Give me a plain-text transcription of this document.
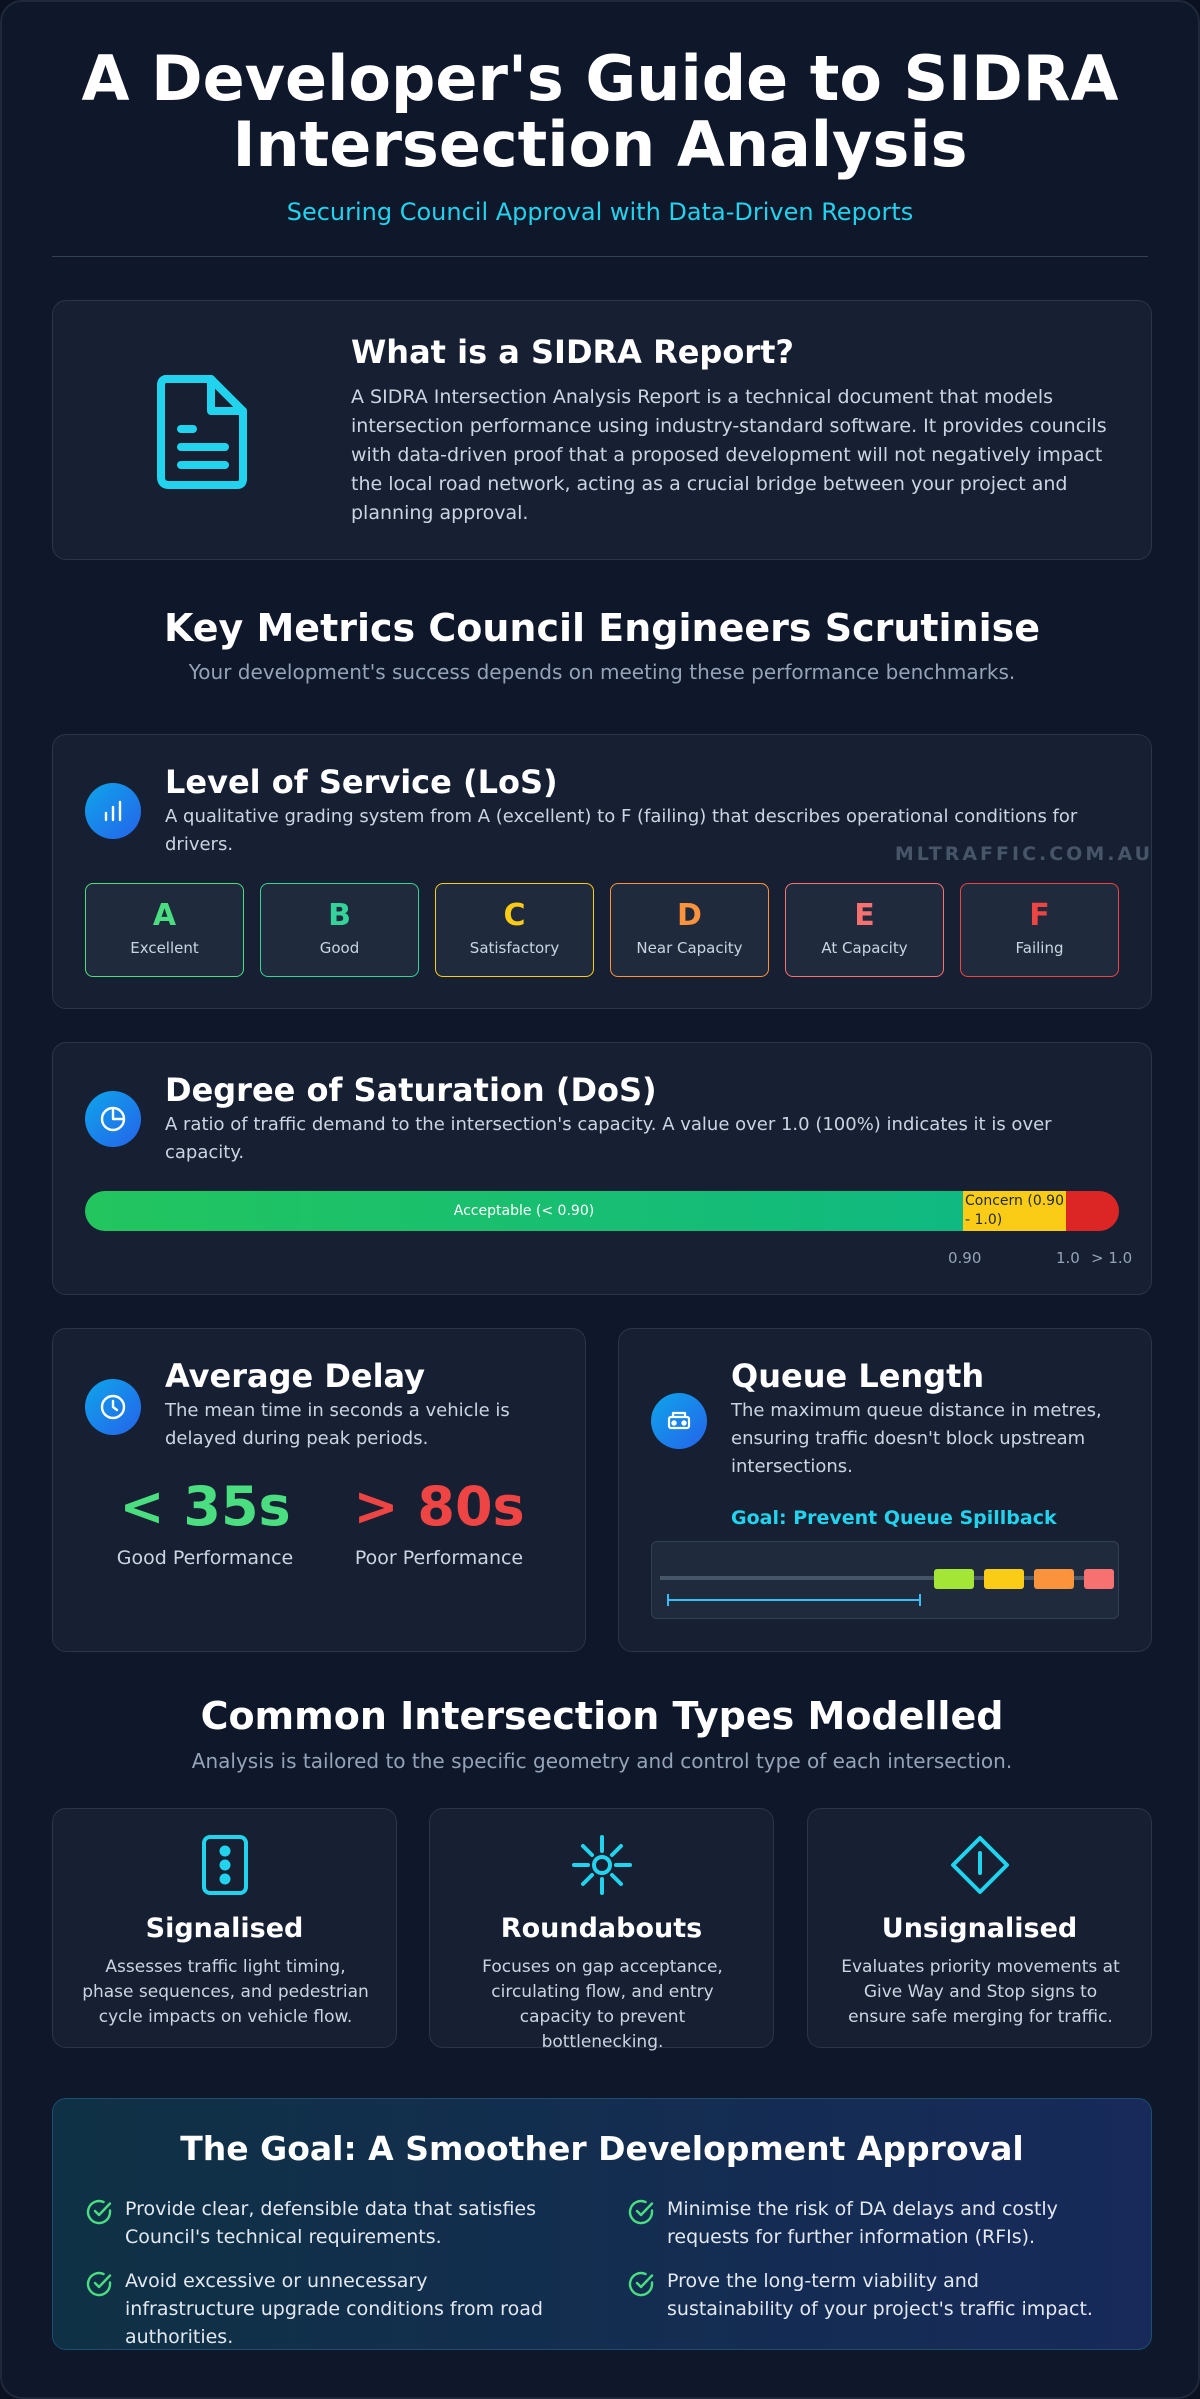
A Developer's Guide to SIDRA Intersection Analysis
Securing Council Approval with Data-Driven Reports
What is a SIDRA Report?

A SIDRA Intersection Analysis Report is a technical document that models intersection performance using industry-standard software. It provides councils with data-driven proof that a proposed development will not negatively impact the local road network, acting as a crucial bridge between your project and planning approval.

Key Metrics Council Engineers Scrutinise
Your development's success depends on meeting these performance benchmarks.
Level of Service (LoS)
A qualitative grading system from A (excellent) to F (failing) that describes operational conditions for drivers.	MLTRAFFIC.COM.AU
A
Excellent
B
Good
C
Satisfactory
D
Near Capacity
E
At Capacity
F
Failing
Degree of Saturation (DoS)
A ratio of traffic demand to the intersection's capacity. A value over 1.0 (100%) indicates it is over capacity.
Acceptable (< 0.90)
Concern (0.90 - 1.0)
0.90	1.0 > 1.0
Average Delay
The mean time in seconds a vehicle is delayed during peak periods.
< 35s
Good Performance
> 80s
Poor Performance
Queue Length
The maximum queue distance in metres, ensuring traffic doesn't block upstream intersections.
Goal: Prevent Queue Spillback
Common Intersection Types Modelled
Analysis is tailored to the specific geometry and control type of each intersection.
Signalised

Assesses traffic light timing, phase sequences, and pedestrian cycle impacts on vehicle flow.

Roundabouts

Focuses on gap acceptance, circulating flow, and entry capacity to prevent bottlenecking.

Unsignalised

Evaluates priority movements at Give Way and Stop signs to ensure safe merging for traffic.

The Goal: A Smoother Development Approval
Provide clear, defensible data that satisfies Council's technical requirements.
Minimise the risk of DA delays and costly requests for further information (RFIs).
Avoid excessive or unnecessary infrastructure upgrade conditions from road authorities.
Prove the long-term viability and sustainability of your project's traffic impact.
